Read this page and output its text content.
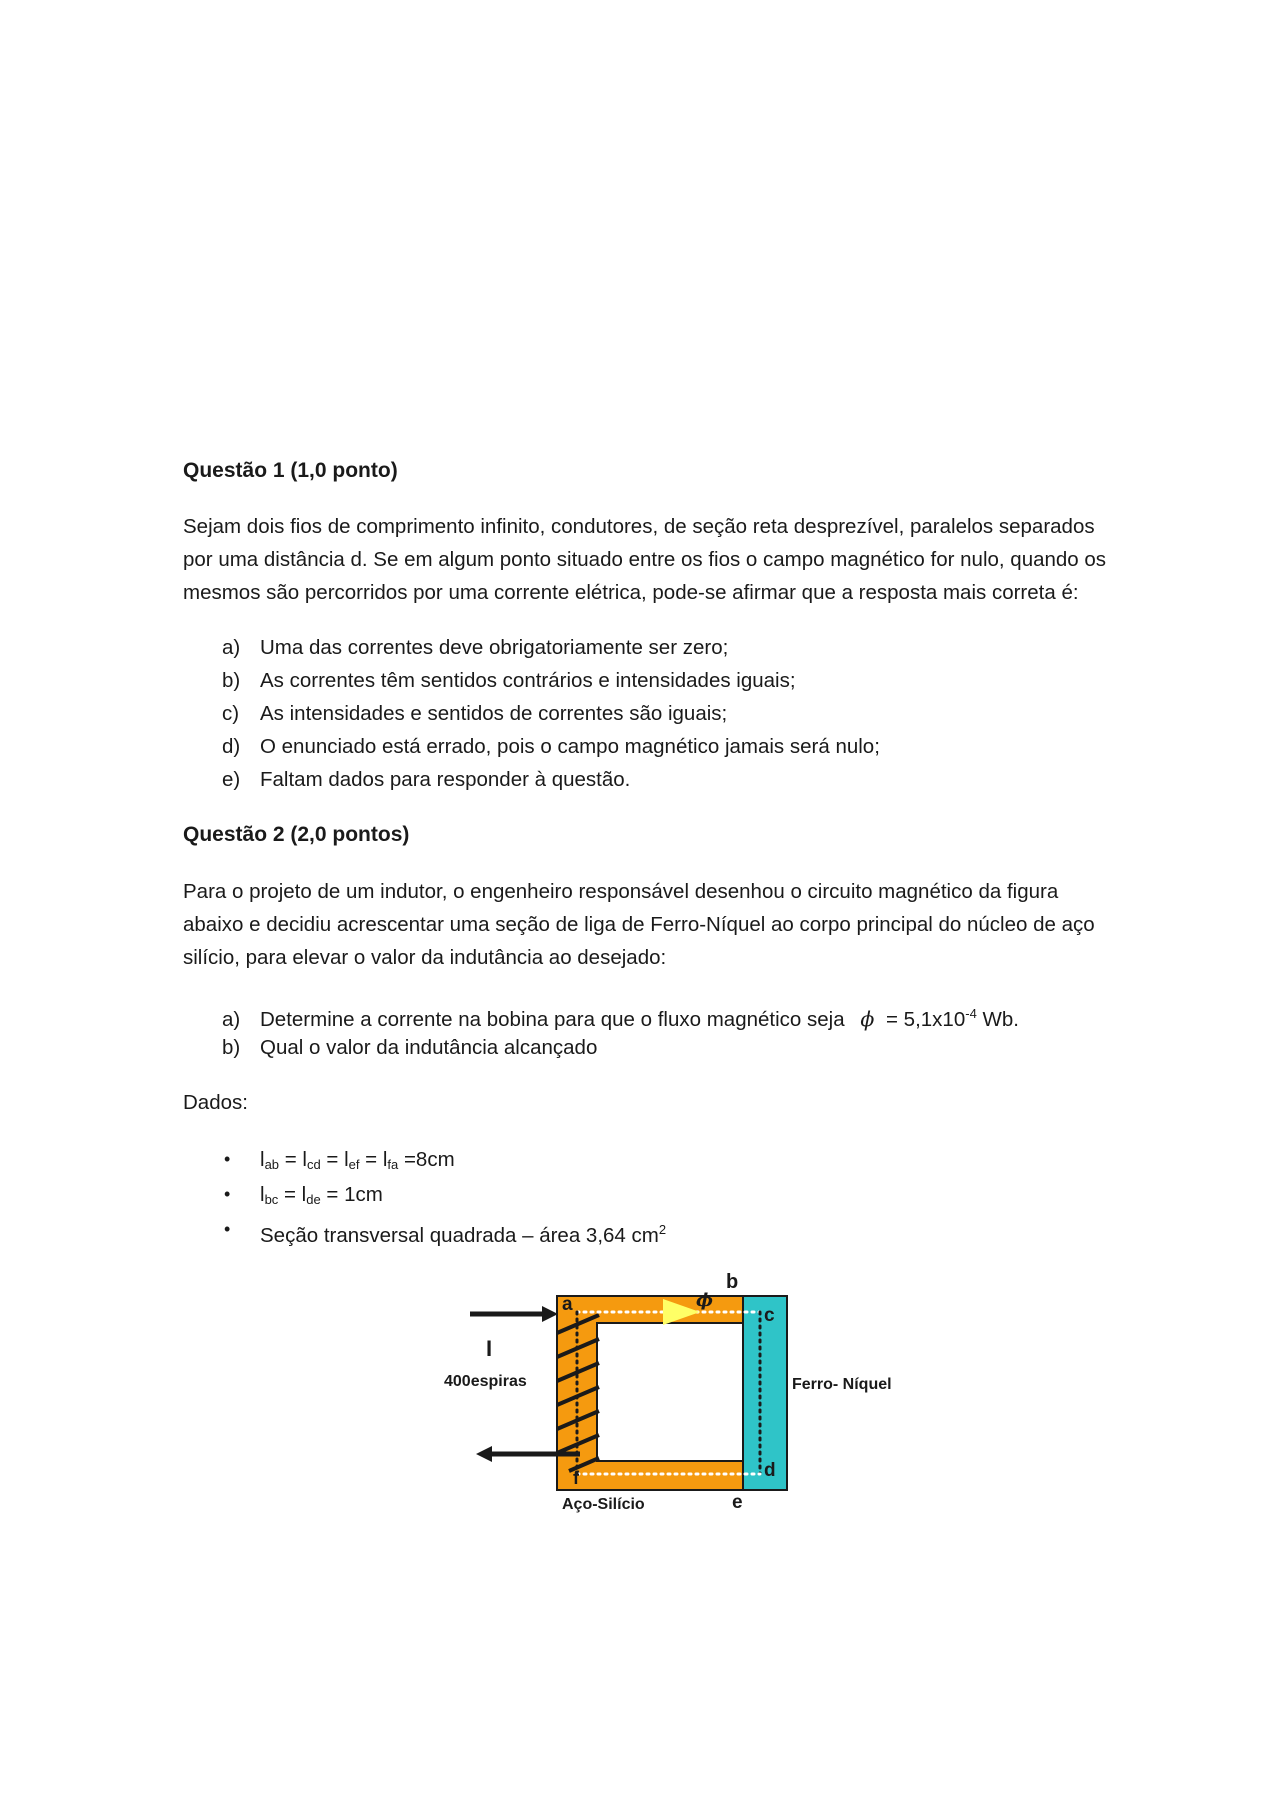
Questão 1 (1,0 ponto)
Sejam dois fios de comprimento infinito, condutores, de seção reta desprezível, paralelos separados
por uma distância d. Se em algum ponto situado entre os fios o campo magnético for nulo, quando os
mesmos são percorridos por uma corrente elétrica, pode-se afirmar que a resposta mais correta é:
a) Uma das correntes deve obrigatoriamente ser zero;
b) As correntes têm sentidos contrários e intensidades iguais;
c) As intensidades e sentidos de correntes são iguais;
d) O enunciado está errado, pois o campo magnético jamais será nulo;
e) Faltam dados para responder à questão.
Questão 2 (2,0 pontos)
Para o projeto de um indutor, o engenheiro responsável desenhou o circuito magnético da figura
abaixo e decidiu acrescentar uma seção de liga de Ferro-Níquel ao corpo principal do núcleo de aço
silício, para elevar o valor da indutância ao desejado:
a) Determine a corrente na bobina para que o fluxo magnético seja $\phi = 5,1x10^{-4}$ Wb.
b) Qual o valor da indutância alcançado
Dados:
• $l_{ab} = l_{cd} = l_{ef} = l_{fa} =8cm$
• $l_{bc} = l_{de} = 1cm$
• Seção transversal quadrada – área 3,64 $cm^2$
a
b
c
d
e
f
I
400espiras
ϕ
Ferro- Níquel
Aço-Silício
